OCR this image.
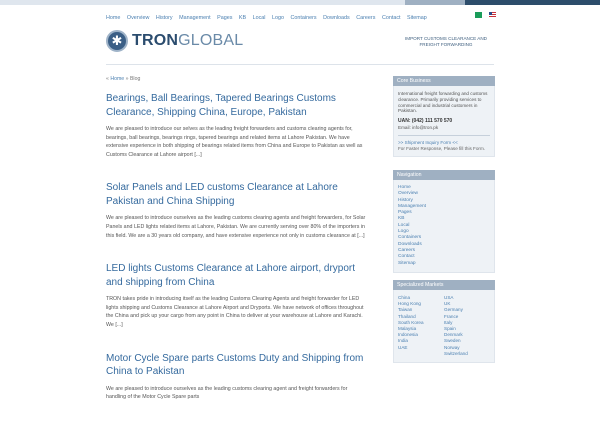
Home Overview History Management Pages KB Local Logo Containers Downloads Careers Contact Sitemap

✱ TRONGLOBAL	IMPORT CUSTOMS CLEARANCE AND FREIGHT FORWARDING
« Home » Blog
Bearings, Ball Bearings, Tapered Bearings Customs Clearance, Shipping China, Europe, Pakistan

We are pleased to introduce our selves as the leading freight forwarders and customs clearing agents for, bearings, ball bearings, bearings rings, tapered bearings and related items at Lahore Pakistan. We have extensive experience in both shipping of bearings related items from China and Europe to Pakistan as well as Customs Clearance at Lahore airport [...]

Solar Panels and LED customs Clearance at Lahore Pakistan and China Shipping

We are pleased to introduce ourselves as the leading customs clearing agents and freight forwarders, for Solar Panels and LED lights related items at Lahore, Pakistan. We are currently serving over 80% of the importers in this field. We are a 30 years old company, and have extensive experience not only in customs clearance at [...]

LED lights Customs Clearance at Lahore airport, dryport and shipping from China

TRON takes pride in introducing itself as the leading Customs Clearing Agents and freight forwarder for LED lights shipping and Customs Clearance at Lahore Airport and Dryports. We have network of offices throughout the China and pick up your cargo from any point in China to deliver at your warehouse at Lahore and Karachi. We [...]

Motor Cycle Spare parts Customs Duty and Shipping from China to Pakistan

We are pleased to introduce ourselves as the leading customs clearing agent and freight forwarders for handling of the Motor Cycle Spare parts

Core Business

International freight forwarding and customs clearance. Primarily providing services to commercial and industrial customers in Pakistan.

UAN: (042) 111 570 570

Email: info@tron.pk

>> Shipment Inquiry Form <<

For Faster Response, Please fill this Form.

Navigation
Home
Overview
History
Management
Pages
KB
Local
Logo
Containers
Downloads
Careers
Contact
Sitemap
Specialized Markets
China
Hong Kong
Taiwan
Thailand
South Korea
Malaysia
Indonesia
India
UAE
USA
UK
Germany
France
Italy
Spain
Denmark
Sweden
Norway
Switzerland
